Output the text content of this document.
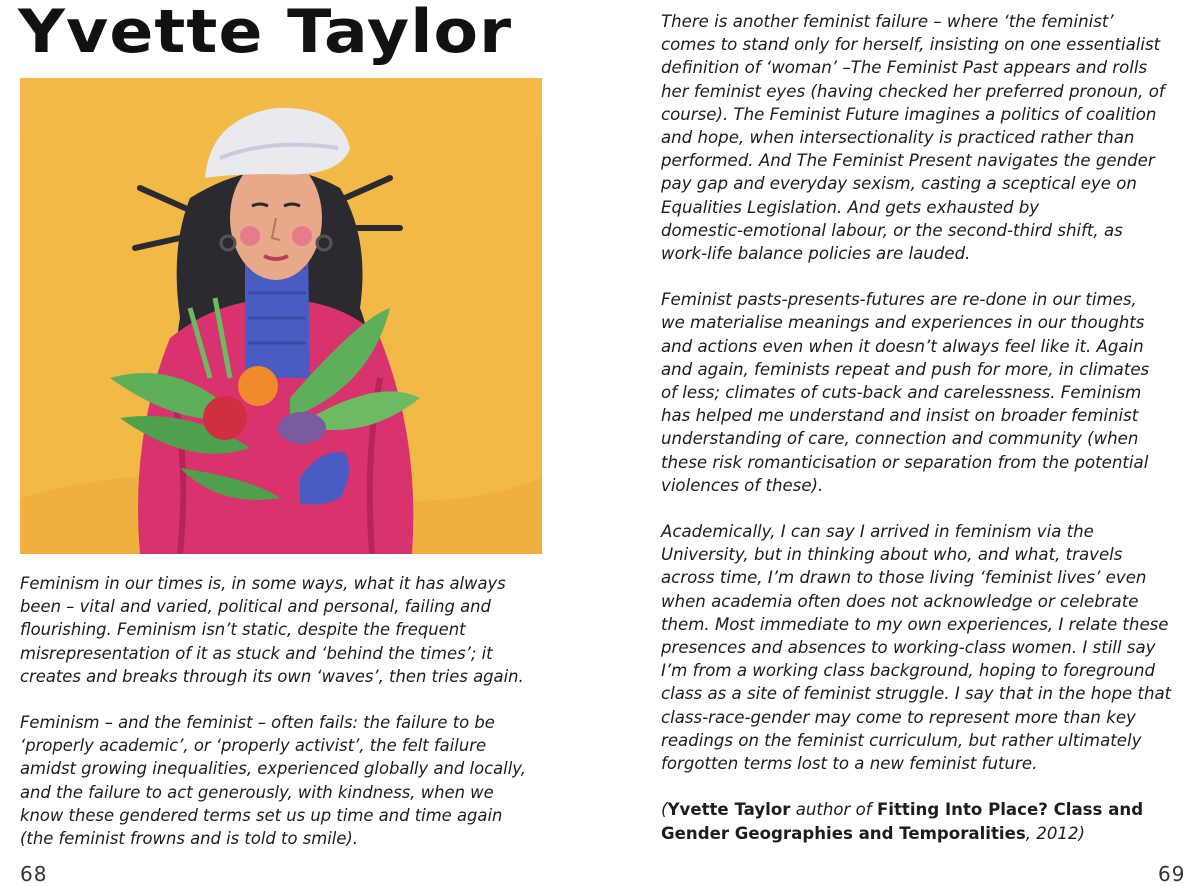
Yvette Taylor

Feminism in our times is, in some ways, what it has always
been – vital and varied, political and personal, failing and
flourishing. Feminism isn’t static, despite the frequent
misrepresentation of it as stuck and ‘behind the times’; it
creates and breaks through its own ‘waves’, then tries again.

Feminism – and the feminist – often fails: the failure to be
‘properly academic’, or ‘properly activist’, the felt failure
amidst growing inequalities, experienced globally and locally,
and the failure to act generously, with kindness, when we
know these gendered terms set us up time and time again
(the feminist frowns and is told to smile).

There is another feminist failure – where ‘the feminist’
comes to stand only for herself, insisting on one essentialist
definition of ‘woman’ –The Feminist Past appears and rolls
her feminist eyes (having checked her preferred pronoun, of
course). The Feminist Future imagines a politics of coalition
and hope, when intersectionality is practiced rather than
performed. And The Feminist Present navigates the gender
pay gap and everyday sexism, casting a sceptical eye on
Equalities Legislation. And gets exhausted by
domestic-emotional labour, or the second-third shift, as
work-life balance policies are lauded.

Feminist pasts-presents-futures are re-done in our times,
we materialise meanings and experiences in our thoughts
and actions even when it doesn’t always feel like it. Again
and again, feminists repeat and push for more, in climates
of less; climates of cuts-back and carelessness. Feminism
has helped me understand and insist on broader feminist
understanding of care, connection and community (when
these risk romanticisation or separation from the potential
violences of these).

Academically, I can say I arrived in feminism via the
University, but in thinking about who, and what, travels
across time, I’m drawn to those living ‘feminist lives’ even
when academia often does not acknowledge or celebrate
them. Most immediate to my own experiences, I relate these
presences and absences to working-class women. I still say
I’m from a working class background, hoping to foreground
class as a site of feminist struggle. I say that in the hope that
class-race-gender may come to represent more than key
readings on the feminist curriculum, but rather ultimately
forgotten terms lost to a new feminist future.

(Yvette Taylor author of Fitting Into Place? Class and Gender Geographies and Temporalities, 2012)

68	69
